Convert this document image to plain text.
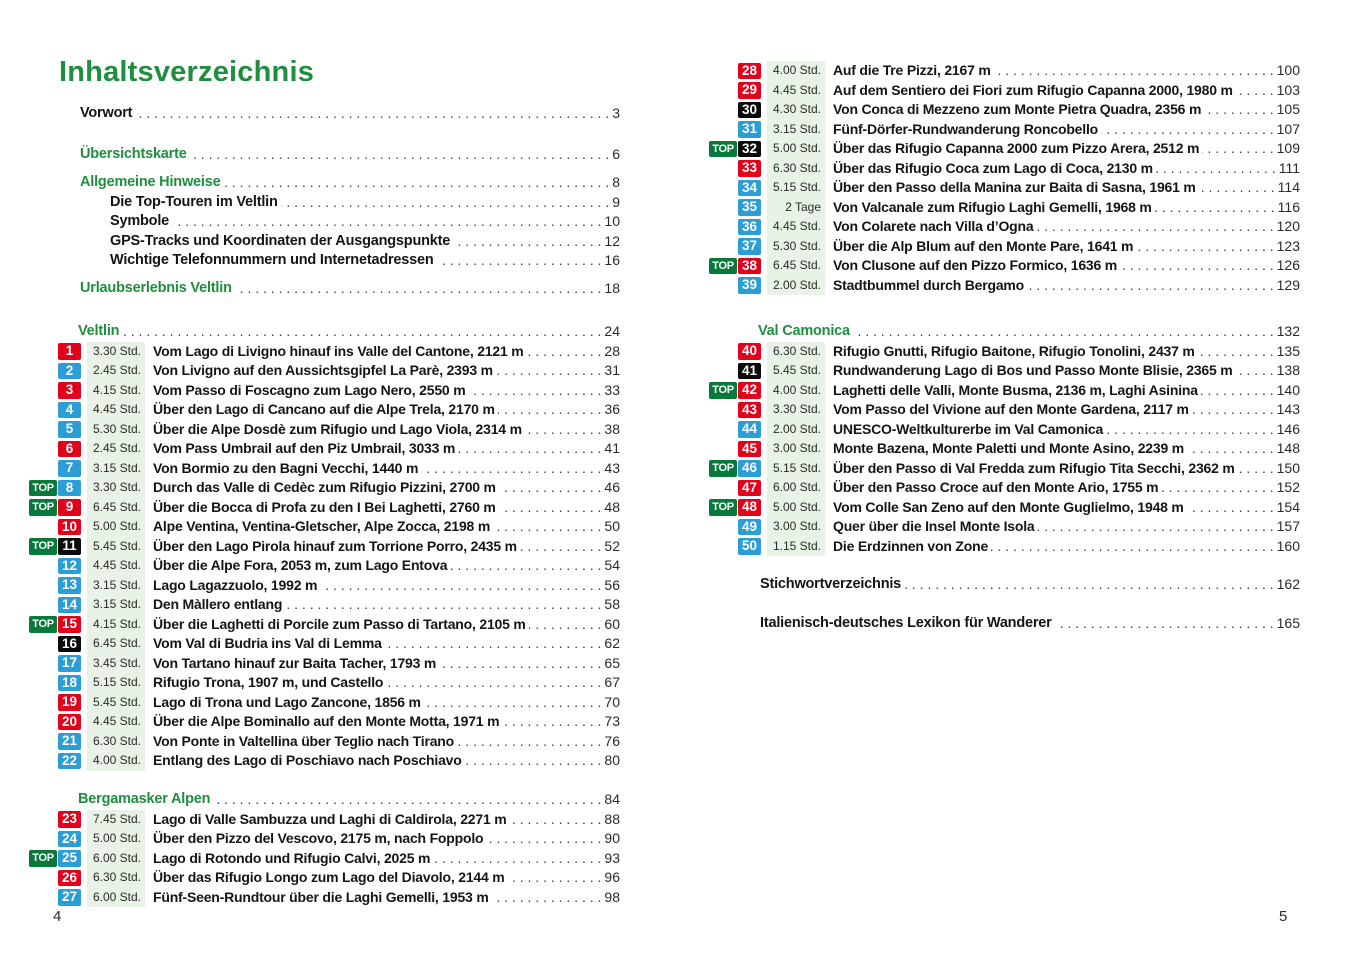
Inhaltsverzeichnis
Vorwort . . .	3
Übersichtskarte . . .	6
Allgemeine Hinweise . . .	8
Die Top-Touren im Veltlin . . .	9
Symbole . . .	10
GPS-Tracks und Koordinaten der Ausgangspunkte . . .	12
Wichtige Telefonnummern und Internetadressen . . .	16
Urlaubserlebnis Veltlin . . .	18
Veltlin . . .	24
1	3.30 Std. Vom Lago di Livigno hinauf ins Valle del Cantone, 2121 m . . .	28
2	2.45 Std. Von Livigno auf den Aussichtsgipfel La Parè, 2393 m . . .	31
3	4.15 Std. Vom Passo di Foscagno zum Lago Nero, 2550 m . . .	33
4	4.45 Std. Über den Lago di Cancano auf die Alpe Trela, 2170 m . . .	36
5	5.30 Std. Über die Alpe Dosdè zum Rifugio und Lago Viola, 2314 m . . .	38
6	2.45 Std. Vom Pass Umbrail auf den Piz Umbrail, 3033 m . . .	41
7	3.15 Std. Von Bormio zu den Bagni Vecchi, 1440 m . . .	43
TOP 8	3.30 Std. Durch das Valle di Cedèc zum Rifugio Pizzini, 2700 m . . .	46
TOP 9	6.45 Std. Über die Bocca di Profa zu den I Bei Laghetti, 2760 m . . .	48
10	5.00 Std. Alpe Ventina, Ventina-Gletscher, Alpe Zocca, 2198 m . . .	50
TOP 11	5.45 Std. Über den Lago Pirola hinauf zum Torrione Porro, 2435 m . . .	52
12	4.45 Std. Über die Alpe Fora, 2053 m, zum Lago Entova . . .	54
13	3.15 Std. Lago Lagazzuolo, 1992 m . . .	56
14	3.15 Std. Den Màllero entlang . . .	58
TOP 15	4.15 Std. Über die Laghetti di Porcile zum Passo di Tartano, 2105 m . . .	60
16	6.45 Std. Vom Val di Budria ins Val di Lemma . . .	62
17	3.45 Std. Von Tartano hinauf zur Baita Tacher, 1793 m . . .	65
18	5.15 Std. Rifugio Trona, 1907 m, und Castello . . .	67
19	5.45 Std. Lago di Trona und Lago Zancone, 1856 m . . .	70
20	4.45 Std. Über die Alpe Bominallo auf den Monte Motta, 1971 m . . .	73
21	6.30 Std. Von Ponte in Valtellina über Teglio nach Tirano . . .	76
22	4.00 Std. Entlang des Lago di Poschiavo nach Poschiavo . . .	80
Bergamasker Alpen . . .	84
23	7.45 Std. Lago di Valle Sambuzza und Laghi di Caldirola, 2271 m . . .	88
24	5.00 Std. Über den Pizzo del Vescovo, 2175 m, nach Foppolo . . .	90
TOP 25	6.00 Std. Lago di Rotondo und Rifugio Calvi, 2025 m . . .	93
26	6.30 Std. Über das Rifugio Longo zum Lago del Diavolo, 2144 m . . .	96
27	6.00 Std. Fünf-Seen-Rundtour über die Laghi Gemelli, 1953 m . . .	98
28	4.00 Std. Auf die Tre Pizzi, 2167 m . . .	100
29	4.45 Std. Auf dem Sentiero dei Fiori zum Rifugio Capanna 2000, 1980 m . . .	103
30	4.30 Std. Von Conca di Mezzeno zum Monte Pietra Quadra, 2356 m . . .	105
31	3.15 Std. Fünf-Dörfer-Rundwanderung Roncobello . . .	107
TOP 32	5.00 Std. Über das Rifugio Capanna 2000 zum Pizzo Arera, 2512 m . . .	109
33	6.30 Std. Über das Rifugio Coca zum Lago di Coca, 2130 m . . .	111
34	5.15 Std. Über den Passo della Manina zur Baita di Sasna, 1961 m . . .	114
35	2 Tage Von Valcanale zum Rifugio Laghi Gemelli, 1968 m . . .	116
36	4.45 Std. Von Colarete nach Villa d’Ogna . . .	120
37	5.30 Std. Über die Alp Blum auf den Monte Pare, 1641 m . . .	123
TOP 38	6.45 Std. Von Clusone auf den Pizzo Formico, 1636 m . . .	126
39	2.00 Std. Stadtbummel durch Bergamo . . .	129
Val Camonica . . .	132
40	6.30 Std. Rifugio Gnutti, Rifugio Baitone, Rifugio Tonolini, 2437 m . . .	135
41	5.45 Std. Rundwanderung Lago di Bos und Passo Monte Blisie, 2365 m . . .	138
TOP 42	4.00 Std. Laghetti delle Valli, Monte Busma, 2136 m, Laghi Asinina . . .	140
43	3.30 Std. Vom Passo del Vivione auf den Monte Gardena, 2117 m . . .	143
44	2.00 Std. UNESCO-Weltkulturerbe im Val Camonica . . .	146
45	3.00 Std. Monte Bazena, Monte Paletti und Monte Asino, 2239 m . . .	148
TOP 46	5.15 Std. Über den Passo di Val Fredda zum Rifugio Tita Secchi, 2362 m . . .	150
47	6.00 Std. Über den Passo Croce auf den Monte Ario, 1755 m . . .	152
TOP 48	5.00 Std. Vom Colle San Zeno auf den Monte Guglielmo, 1948 m . . .	154
49	3.00 Std. Quer über die Insel Monte Isola . . .	157
50	1.15 Std. Die Erdzinnen von Zone . . .	160
Stichwortverzeichnis . . .	162
Italienisch-deutsches Lexikon für Wanderer . . .	165
4	5
